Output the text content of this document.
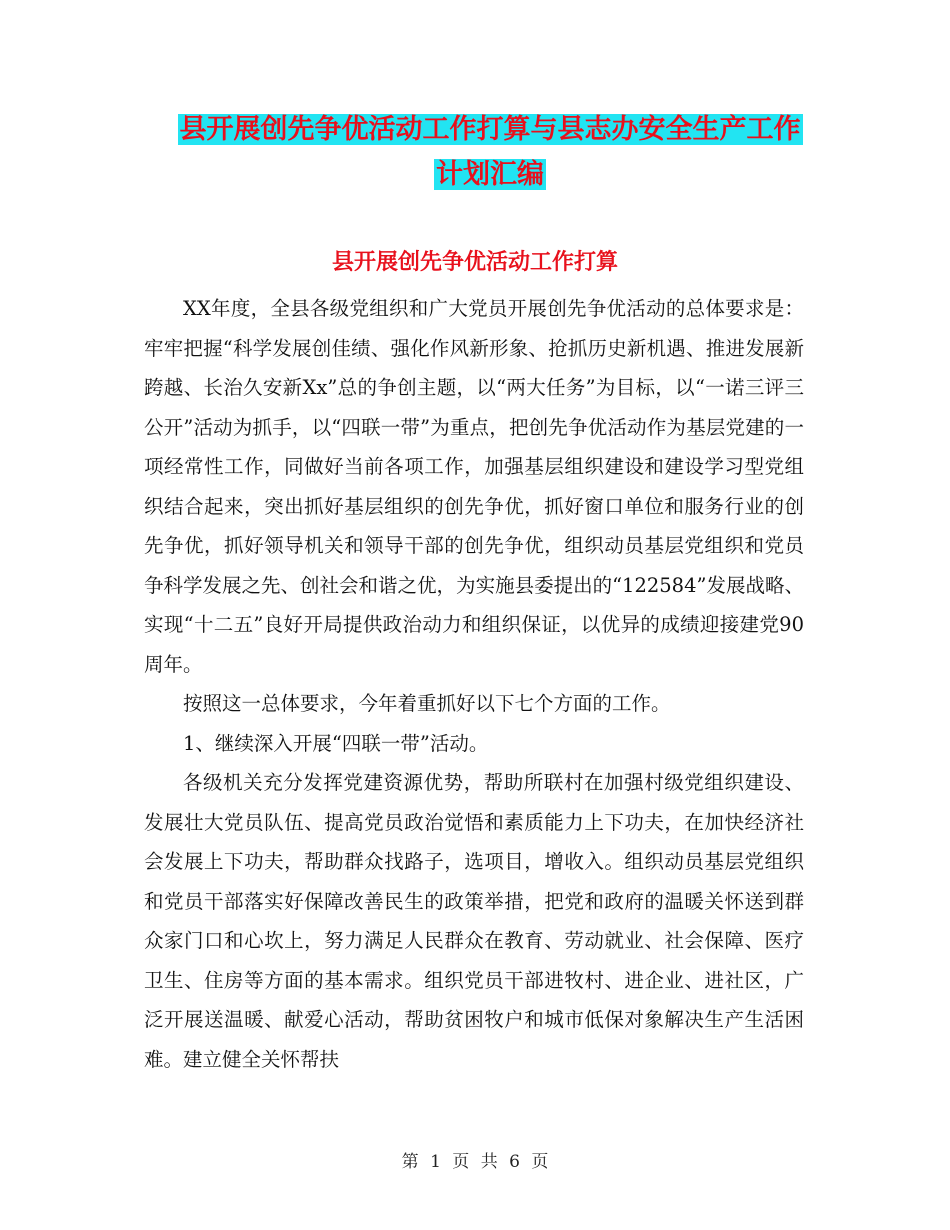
县开展创先争优活动工作打算与县志办安全生产工作
计划汇编
县开展创先争优活动工作打算

XX年度，全县各级党组织和广大党员开展创先争优活动的总体要求是：牢牢把握“科学发展创佳绩、强化作风新形象、抢抓历史新机遇、推进发展新跨越、长治久安新Xx”总的争创主题，以“两大任务”为目标，以“一诺三评三公开”活动为抓手，以“四联一带”为重点，把创先争优活动作为基层党建的一项经常性工作，同做好当前各项工作，加强基层组织建设和建设学习型党组织结合起来，突出抓好基层组织的创先争优，抓好窗口单位和服务行业的创先争优，抓好领导机关和领导干部的创先争优，组织动员基层党组织和党员争科学发展之先、创社会和谐之优，为实施县委提出的“122584”发展战略、实现“十二五”良好开局提供政治动力和组织保证，以优异的成绩迎接建党90周年。

按照这一总体要求，今年着重抓好以下七个方面的工作。

1、继续深入开展“四联一带”活动。

各级机关充分发挥党建资源优势，帮助所联村在加强村级党组织建设、发展壮大党员队伍、提高党员政治觉悟和素质能力上下功夫，在加快经济社会发展上下功夫，帮助群众找路子，选项目，增收入。组织动员基层党组织和党员干部落实好保障改善民生的政策举措，把党和政府的温暖关怀送到群众家门口和心坎上，努力满足人民群众在教育、劳动就业、社会保障、医疗卫生、住房等方面的基本需求。组织党员干部进牧村、进企业、进社区，广泛开展送温暖、献爱心活动，帮助贫困牧户和城市低保对象解决生产生活困难。建立健全关怀帮扶

第 1 页 共 6 页
